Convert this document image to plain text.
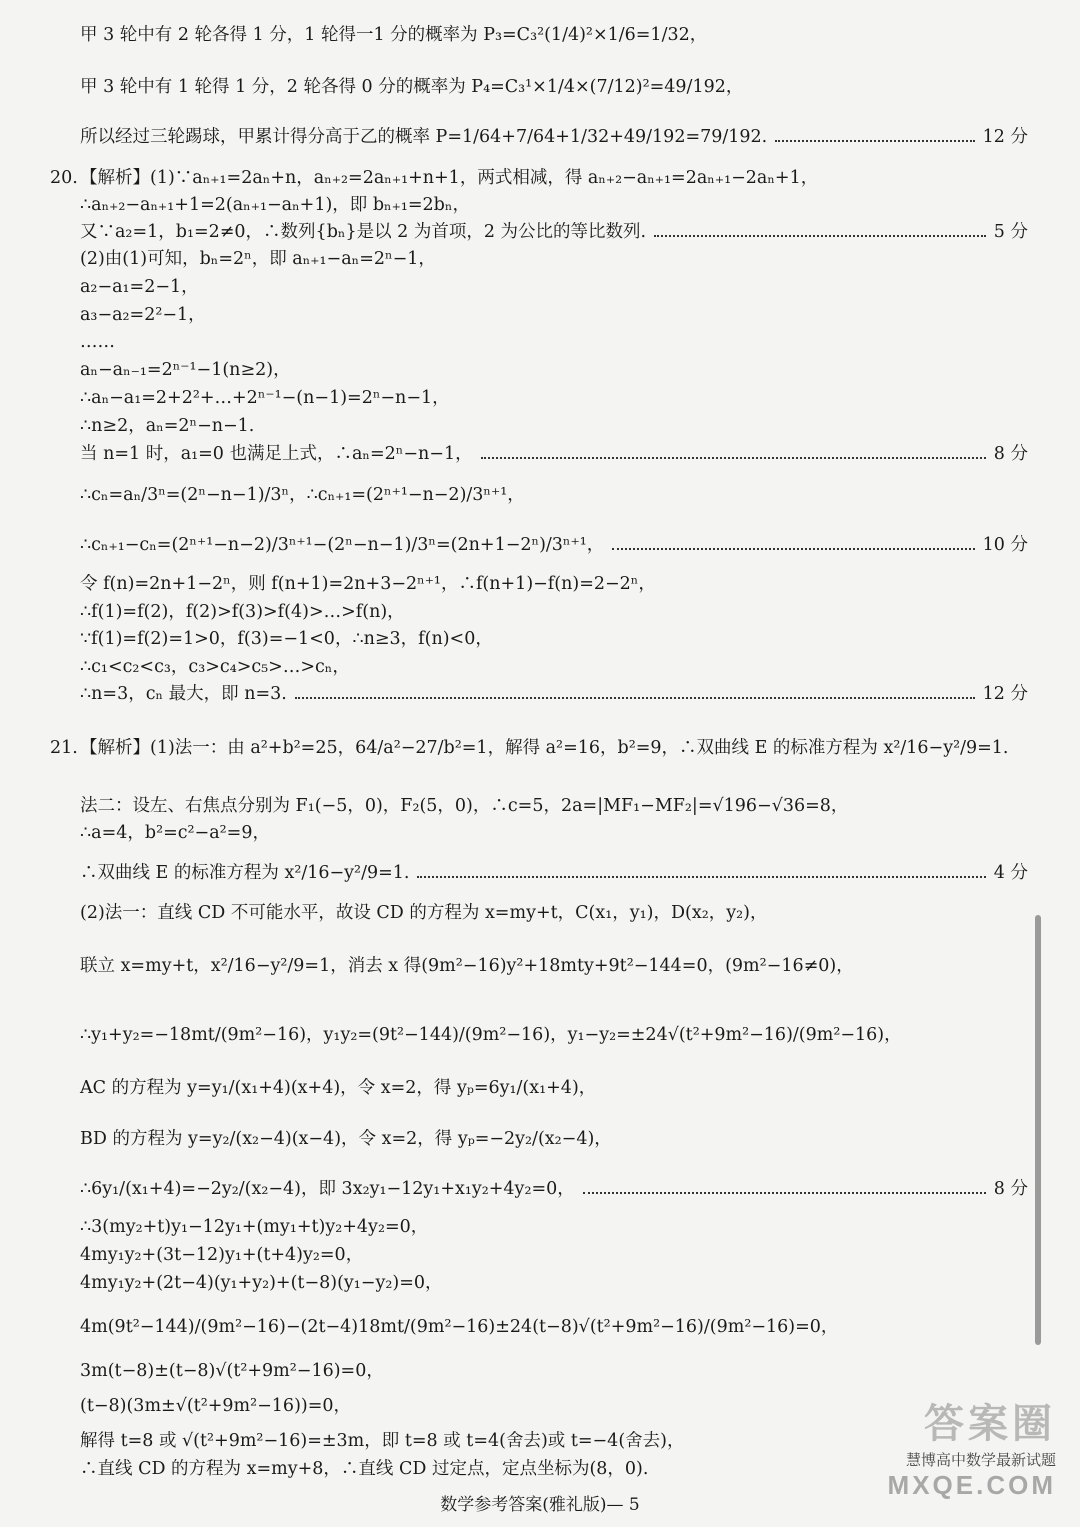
甲 3 轮中有 2 轮各得 1 分，1 轮得一1 分的概率为 P₃=C₃²(1/4)²×1/6=1/32，
甲 3 轮中有 1 轮得 1 分，2 轮各得 0 分的概率为 P₄=C₃¹×1/4×(7/12)²=49/192，
所以经过三轮踢球，甲累计得分高于乙的概率 P=1/64+7/64+1/32+49/192=79/192.	12 分
20. 【解析】(1)∵aₙ₊₁=2aₙ+n，aₙ₊₂=2aₙ₊₁+n+1，两式相减，得 aₙ₊₂−aₙ₊₁=2aₙ₊₁−2aₙ+1，
∴aₙ₊₂−aₙ₊₁+1=2(aₙ₊₁−aₙ+1)，即 bₙ₊₁=2bₙ，
又∵a₂=1，b₁=2≠0，∴数列{bₙ}是以 2 为首项，2 为公比的等比数列.	5 分
(2)由(1)可知，bₙ=2ⁿ，即 aₙ₊₁−aₙ=2ⁿ−1，
a₂−a₁=2−1，
a₃−a₂=2²−1，
……
aₙ−aₙ₋₁=2ⁿ⁻¹−1(n≥2)，
∴aₙ−a₁=2+2²+…+2ⁿ⁻¹−(n−1)=2ⁿ−n−1，
∴n≥2，aₙ=2ⁿ−n−1.
当 n=1 时，a₁=0 也满足上式，∴aₙ=2ⁿ−n−1，	8 分
∴cₙ=aₙ/3ⁿ=(2ⁿ−n−1)/3ⁿ，∴cₙ₊₁=(2ⁿ⁺¹−n−2)/3ⁿ⁺¹，
∴cₙ₊₁−cₙ=(2ⁿ⁺¹−n−2)/3ⁿ⁺¹−(2ⁿ−n−1)/3ⁿ=(2n+1−2ⁿ)/3ⁿ⁺¹，	10 分
令 f(n)=2n+1−2ⁿ，则 f(n+1)=2n+3−2ⁿ⁺¹，∴f(n+1)−f(n)=2−2ⁿ，
∴f(1)=f(2)，f(2)>f(3)>f(4)>…>f(n)，
∵f(1)=f(2)=1>0，f(3)=−1<0，∴n≥3，f(n)<0，
∴c₁<c₂<c₃，c₃>c₄>c₅>…>cₙ，
∴n=3，cₙ 最大，即 n=3.	12 分
21. 【解析】(1)法一：由 a²+b²=25，64/a²−27/b²=1，解得 a²=16，b²=9，∴双曲线 E 的标准方程为 x²/16−y²/9=1.
法二：设左、右焦点分别为 F₁(−5，0)，F₂(5，0)，∴c=5，2a=|MF₁−MF₂|=√196−√36=8，
∴a=4，b²=c²−a²=9，
∴双曲线 E 的标准方程为 x²/16−y²/9=1.	4 分
(2)法一：直线 CD 不可能水平，故设 CD 的方程为 x=my+t，C(x₁，y₁)，D(x₂，y₂)，
联立 x=my+t，x²/16−y²/9=1，消去 x 得(9m²−16)y²+18mty+9t²−144=0，(9m²−16≠0)，
∴y₁+y₂=−18mt/(9m²−16)，y₁y₂=(9t²−144)/(9m²−16)，y₁−y₂=±24√(t²+9m²−16)/(9m²−16)，
AC 的方程为 y=y₁/(x₁+4)(x+4)，令 x=2，得 yₚ=6y₁/(x₁+4)，
BD 的方程为 y=y₂/(x₂−4)(x−4)，令 x=2，得 yₚ=−2y₂/(x₂−4)，
∴6y₁/(x₁+4)=−2y₂/(x₂−4)，即 3x₂y₁−12y₁+x₁y₂+4y₂=0，	8 分
∴3(my₂+t)y₁−12y₁+(my₁+t)y₂+4y₂=0，
4my₁y₂+(3t−12)y₁+(t+4)y₂=0，
4my₁y₂+(2t−4)(y₁+y₂)+(t−8)(y₁−y₂)=0，
4m(9t²−144)/(9m²−16)−(2t−4)18mt/(9m²−16)±24(t−8)√(t²+9m²−16)/(9m²−16)=0，
3m(t−8)±(t−8)√(t²+9m²−16)=0，
(t−8)(3m±√(t²+9m²−16))=0，
解得 t=8 或 √(t²+9m²−16)=±3m，即 t=8 或 t=4(舍去)或 t=−4(舍去)，
∴直线 CD 的方程为 x=my+8，∴直线 CD 过定点，定点坐标为(8，0).
数学参考答案(雅礼版)— 5
答案圈
慧博高中数学最新试题
MXQE.COM
